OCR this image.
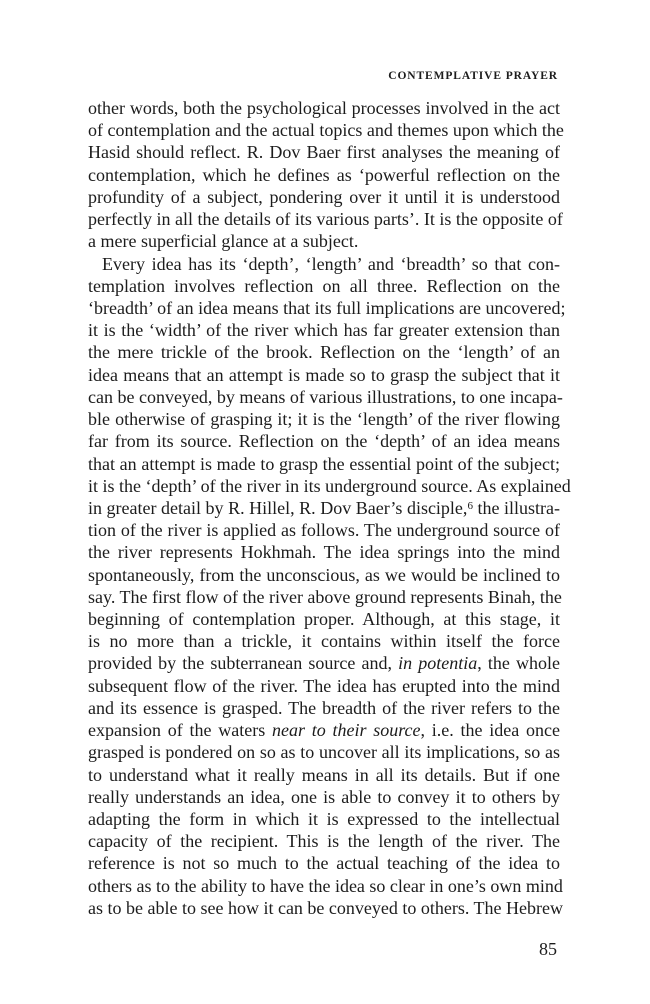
CONTEMPLATIVE PRAYER
other words, both the psychological processes involved in the act
of contemplation and the actual topics and themes upon which the
Hasid should reflect. R. Dov Baer first analyses the meaning of
contemplation, which he defines as ‘powerful reflection on the
profundity of a subject, pondering over it until it is understood
perfectly in all the details of its various parts’. It is the opposite of
a mere superficial glance at a subject.
Every idea has its ‘depth’, ‘length’ and ‘breadth’ so that con-
templation involves reflection on all three. Reflection on the
‘breadth’ of an idea means that its full implications are uncovered;
it is the ‘width’ of the river which has far greater extension than
the mere trickle of the brook. Reflection on the ‘length’ of an
idea means that an attempt is made so to grasp the subject that it
can be conveyed, by means of various illustrations, to one incapa-
ble otherwise of grasping it; it is the ‘length’ of the river flowing
far from its source. Reflection on the ‘depth’ of an idea means
that an attempt is made to grasp the essential point of the subject;
it is the ‘depth’ of the river in its underground source. As explained
in greater detail by R. Hillel, R. Dov Baer’s disciple,$^6$ the illustra-
tion of the river is applied as follows. The underground source of
the river represents Hokhmah. The idea springs into the mind
spontaneously, from the unconscious, as we would be inclined to
say. The first flow of the river above ground represents Binah, the
beginning of contemplation proper. Although, at this stage, it
is no more than a trickle, it contains within itself the force
provided by the subterranean source and, in potentia, the whole
subsequent flow of the river. The idea has erupted into the mind
and its essence is grasped. The breadth of the river refers to the
expansion of the waters near to their source, i.e. the idea once
grasped is pondered on so as to uncover all its implications, so as
to understand what it really means in all its details. But if one
really understands an idea, one is able to convey it to others by
adapting the form in which it is expressed to the intellectual
capacity of the recipient. This is the length of the river. The
reference is not so much to the actual teaching of the idea to
others as to the ability to have the idea so clear in one’s own mind
as to be able to see how it can be conveyed to others. The Hebrew
85
